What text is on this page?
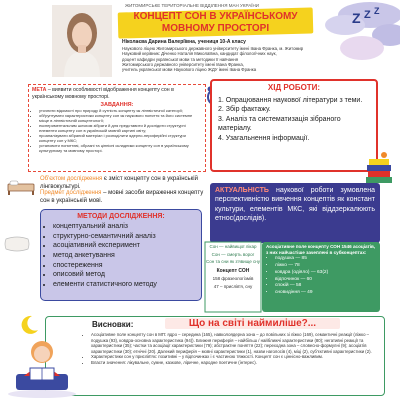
Z Z Z
ЖИТОМИРСЬКЕ ТЕРИТОРІАЛЬНЕ ВІДДІЛЕННЯ МАН УКРАЇНИ
КОНЦЕПТ СОН В УКРАЇНСЬКОМУ МОВНОМУ ПРОСТОРІ
Ніколаєва Дарина Валеріївна, учениця 10-А класу
Наукового ліцею Житомирського державного університету імені Івана Франка, м. Житомир
Науковий керівник: Діченко Наталія Миколаївна, кандидат філологічних наук,
доцент кафедри української мови та методики її навчання
Житомирського державного університету імені Івана Франка,
учитель української мови Наукового ліцею ЖДУ імені Івана Франка
МЕТА – виявити особливості відображення концепту сон в українському мовному просторі.
ЗАВДАННЯ:
• уточнити відомості про природу й сутність концепту як лінгвістичної категорії;
• обґрунтувати характеристики концепту сон як наукового поняття та його системне місце в лінгвістичній концептології;
• експериментальним шляхом зібрати й для представити й дослідити структурні елементи концепту сон в українській мовній картині світу;
• проаналізувати зібраний матеріал і розподілити ядерно-периферійні структури концепту сон у МКС;
• установити поняттєві, образні та ціннісні складники концепту сон в українському культурному та мовному просторі.
ХІД РОБОТИ:
1. Опрацювання наукової літератури з теми.
2. Збір фактажу.
3. Аналіз та систематизація зібраного матеріалу.
4. Узагальнення інформації.
Об'єктом дослідження є зміст концепту сон в українській лінгвокультурі.
Предмет дослідження – мовні засоби вираження концепту сон в українській мові.
АКТУАЛЬНІСТЬ наукової роботи зумовлена перспективністю вивчення концептів як констант культури, елементів МКС, які віддзеркалюють етнос(дослідів).
МЕТОДИ ДОСЛІДЖЕННЯ:
• концептуальний аналіз
• структурно-семантичний аналіз
• асоціативний експеримент
• метод анкетування
• спостереження
• описовий метод
• елементи статистичного методу
Сон — найвищої лікар
Сон — смерть ворог
Сон та сни як з'явище сну
Концепт СОН
158 фразеологізмів
47 – прислів'я, сну
Асоціативне поле концепту СОН 1546 асоціатів, з них найчастіше зачеплені в субконцептах:
• подушка — 85
• ліжко — 78
• ковдра (одіяло) — 63(2)
• відпочинок — 60
• спокій — 58
• сновидіння — 49
Висновки:	Що на світі наймиліше?...
• Асоціативне поле концепту сон в МП: ядро – середина (165), навколоядерна зона – до повільних зі ліжко (169), семантичні реакції (ліжко – подушка (93), ковдра-основна характеристика (94)). Ближня периферія – найбільш / найближчі характеристики (80); негативні реакції та характеристики (35); частки та асоціації характеристики (79); абстрактне поняття (22); переходна зона – словесно-формулні (9); асоціатів характеристики (30); етнічні (20). Далекий периферія – мовні характеристики (1), назви наголосів (4), міці (2), суб'єктивні характеристики (2).
• Характеристики сон у прислів'ях: позитивні – у відпочинках і є частиною тяжкості. Концепт сон є ціннісно-важливим.
• Власти значення: лікувальне, сумне, казкове, ліричне, народне поетичне (інтерес).
